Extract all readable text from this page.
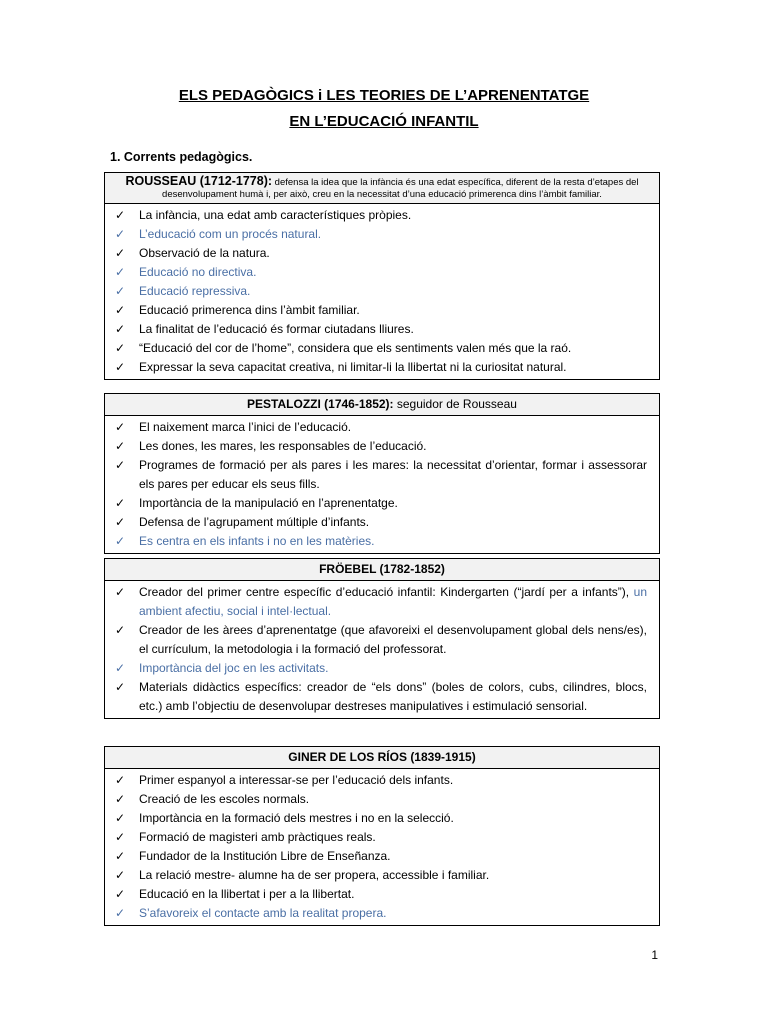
ELS PEDAGÒGICS i LES TEORIES DE L’APRENENTATGE
EN L’EDUCACIÓ INFANTIL
1. Corrents pedagògics.
ROUSSEAU (1712-1778): defensa la idea que la infància és una edat específica, diferent de la resta d’etapes del desenvolupament humà i, per això, creu en la necessitat d’una educació primerenca dins l’àmbit familiar.
✓ La infància, una edat amb característiques pròpies.
✓ L’educació com un procés natural.
✓ Observació de la natura.
✓ Educació no directiva.
✓ Educació repressiva.
✓ Educació primerenca dins l’àmbit familiar.
✓ La finalitat de l’educació és formar ciutadans lliures.
✓ “Educació del cor de l’home”, considera que els sentiments valen més que la raó.
✓ Expressar la seva capacitat creativa, ni limitar-li la llibertat ni la curiositat natural.
PESTALOZZI (1746-1852): seguidor de Rousseau
✓ El naixement marca l’inici de l’educació.
✓ Les dones, les mares, les responsables de l’educació.
✓ Programes de formació per als pares i les mares: la necessitat d’orientar, formar i assessorar els pares per educar els seus fills.
✓ Importància de la manipulació en l’aprenentatge.
✓ Defensa de l’agrupament múltiple d’infants.
✓ Es centra en els infants i no en les matèries.
FRÖEBEL (1782-1852)
✓ Creador del primer centre específic d’educació infantil: Kindergarten (“jardí per a infants”), un ambient afectiu, social i intel·lectual.
✓ Creador de les àrees d’aprenentatge (que afavoreixi el desenvolupament global dels nens/es), el currículum, la metodologia i la formació del professorat.
✓ Importància del joc en les activitats.
✓ Materials didàctics específics: creador de “els dons” (boles de colors, cubs, cilindres, blocs, etc.) amb l’objectiu de desenvolupar destreses manipulatives i estimulació sensorial.
GINER DE LOS RÍOS (1839-1915)
✓ Primer espanyol a interessar-se per l’educació dels infants.
✓ Creació de les escoles normals.
✓ Importància en la formació dels mestres i no en la selecció.
✓ Formació de magisteri amb pràctiques reals.
✓ Fundador de la Institución Libre de Enseñanza.
✓ La relació mestre- alumne ha de ser propera, accessible i familiar.
✓ Educació en la llibertat i per a la llibertat.
✓ S’afavoreix el contacte amb la realitat propera.
1
